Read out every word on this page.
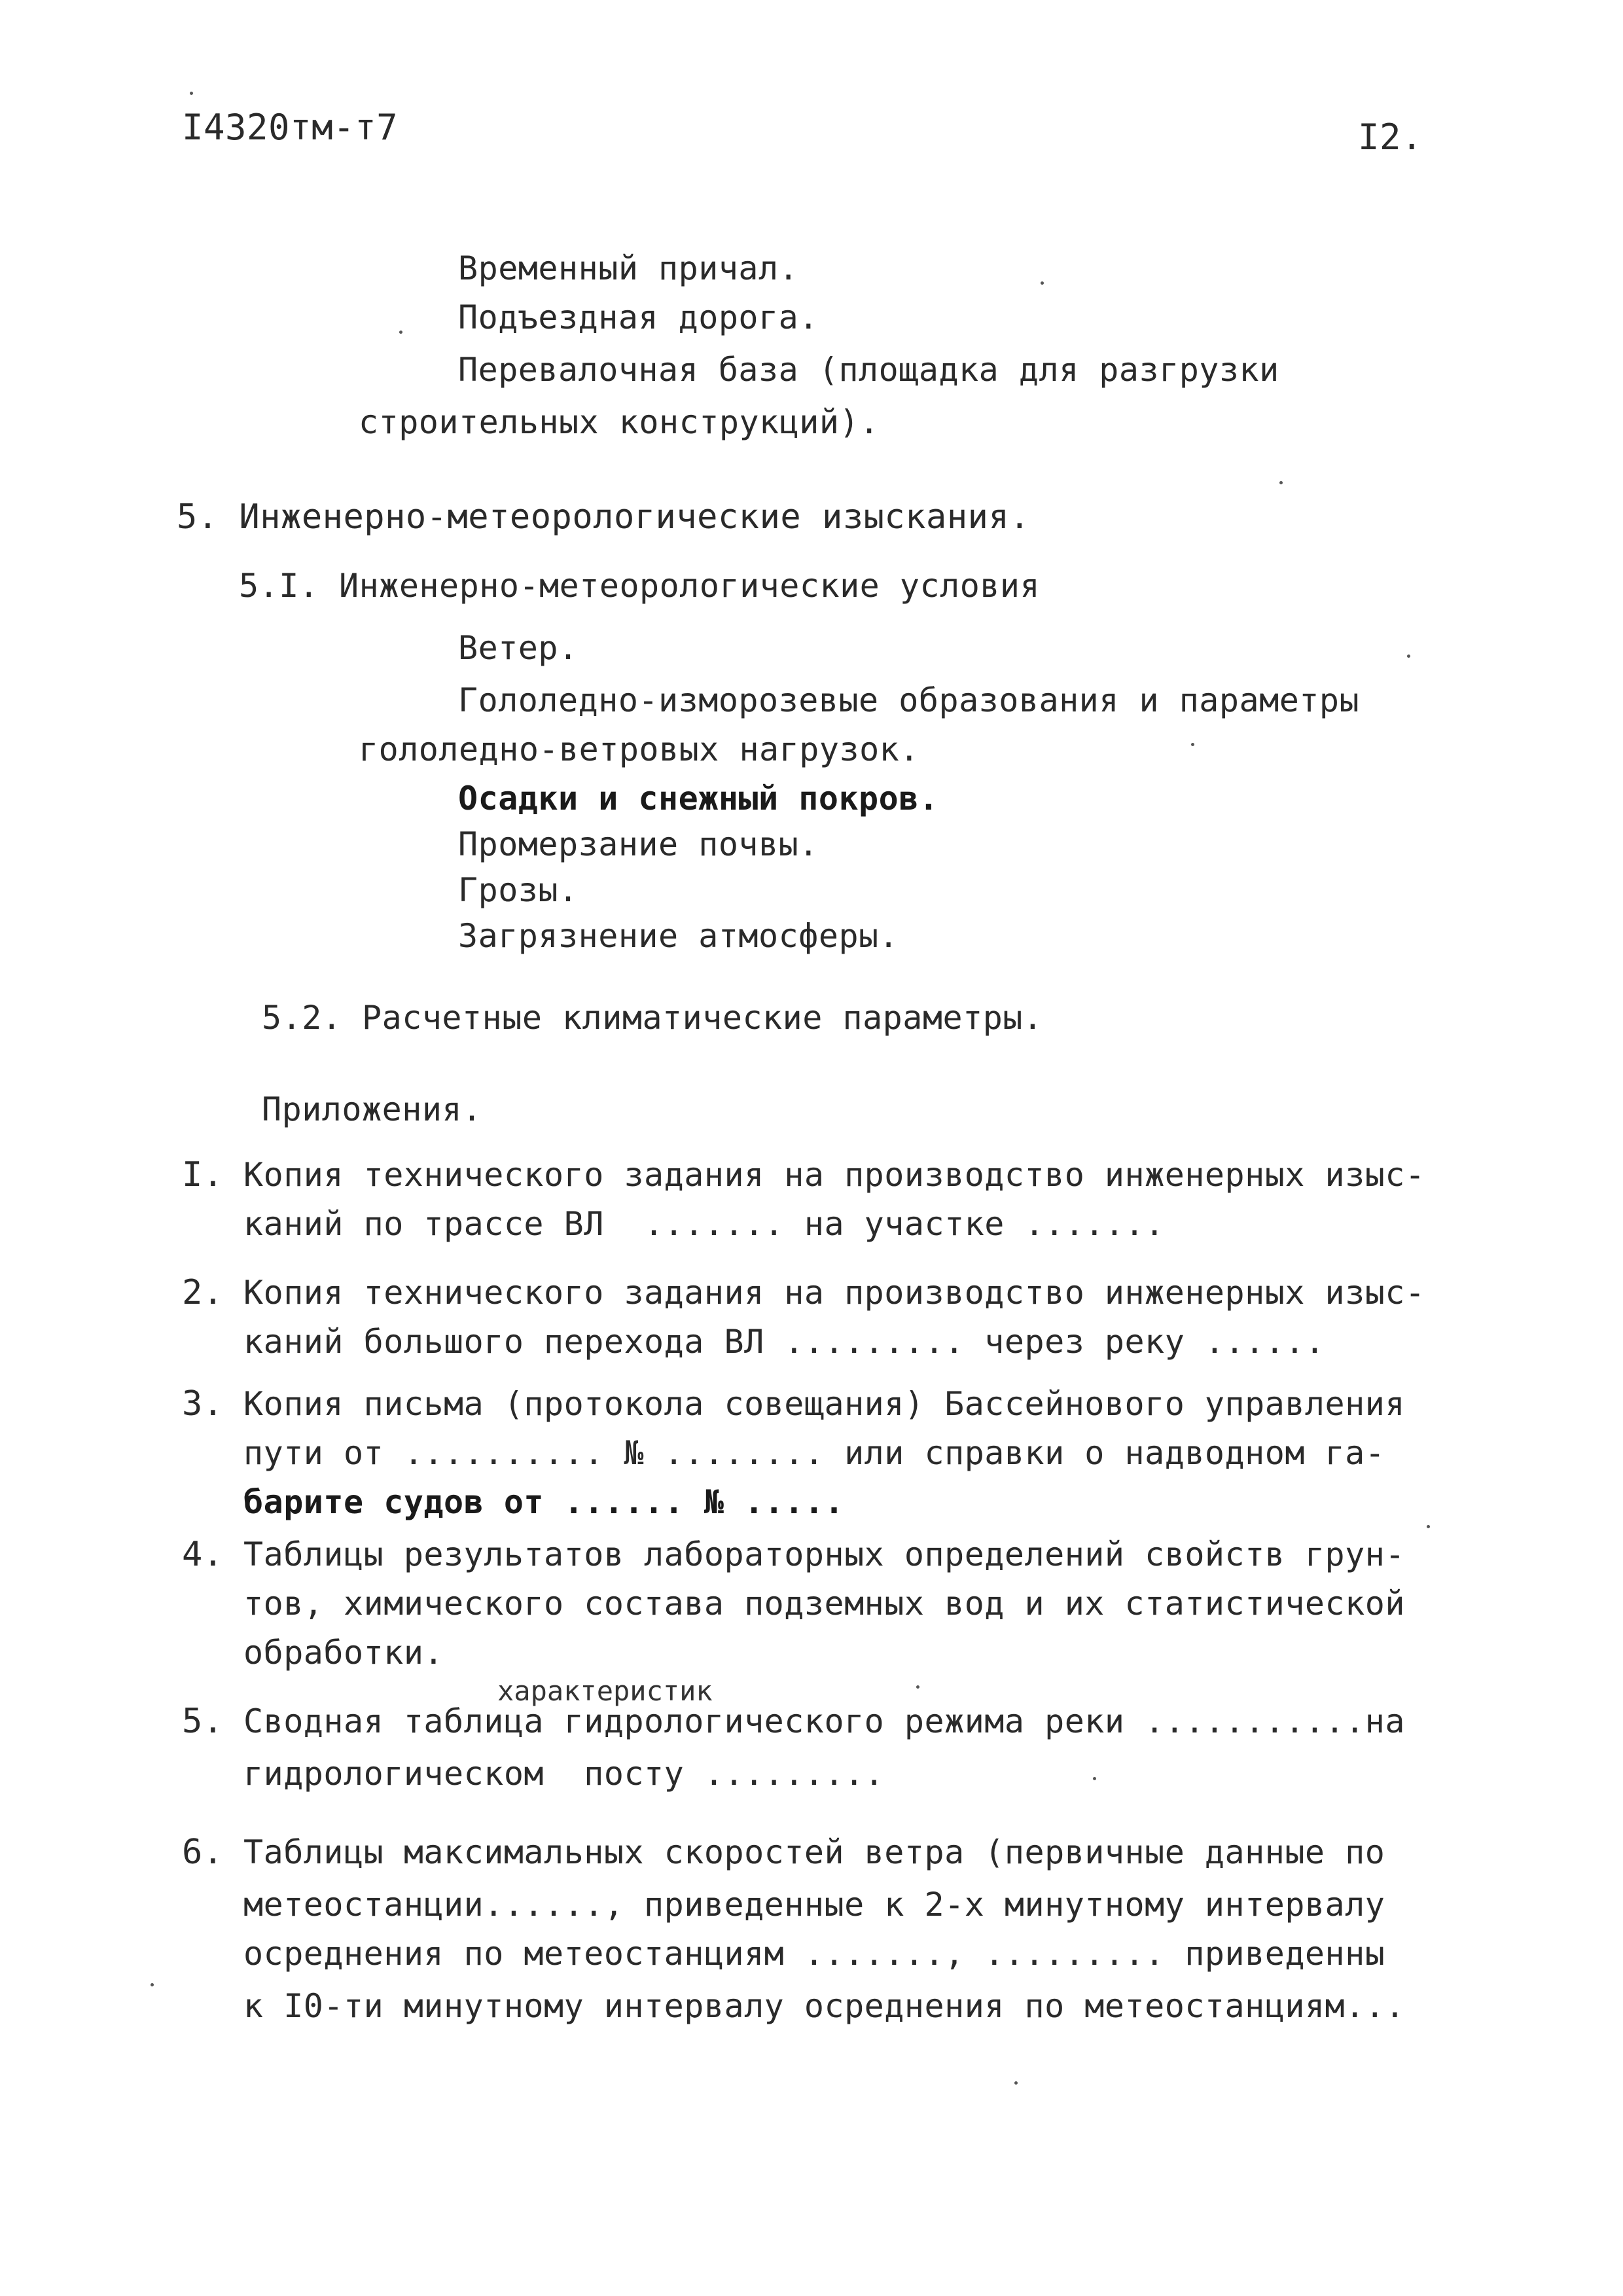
I4320тм-т7	I2.
Временный причал.
Подъездная дорога.
Перевалочная база (площадка для разгрузки
строительных конструкций).
5. Инженерно-метеорологические изыскания.
5.I. Инженерно-метеорологические условия
Ветер.
Гололедно-изморозевые образования и параметры
гололедно-ветровых нагрузок.
Осадки и снежный покров.
Промерзание почвы.
Грозы.
Загрязнение атмосферы.
5.2. Расчетные климатические параметры.
Приложения.
I. Копия технического задания на производство инженерных изыс-
каний по трассе ВЛ  ....... на участке .......
2. Копия технического задания на производство инженерных изыс-
каний большого перехода ВЛ ......... через реку ......
3. Копия письма (протокола совещания) Бассейнового управления
пути от .......... № ........ или справки о надводном га-
барите судов от ...... № .....
4. Таблицы результатов лабораторных определений свойств грун-
тов, химического состава подземных вод и их статистической
обработки.
характеристик
5. Сводная таблица гидрологического режима реки ...........на
гидрологическом  посту .........
6. Таблицы максимальных скоростей ветра (первичные данные по
метеостанции......, приведенные к 2-х минутному интервалу
осреднения по метеостанциям ......., ......... приведенны
к I0-ти минутному интервалу осреднения по метеостанциям...
